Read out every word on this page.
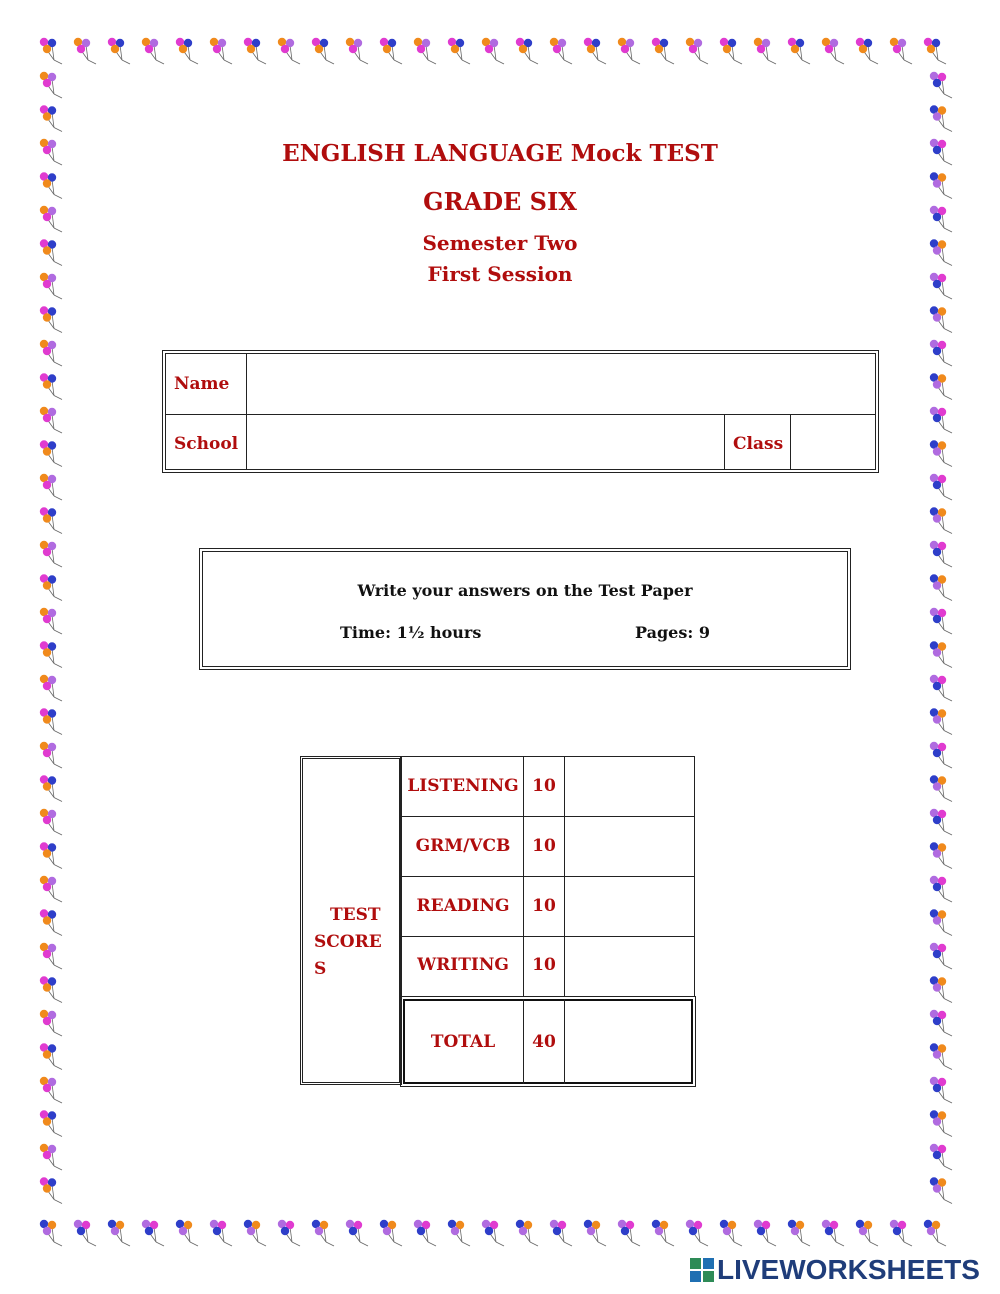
ENGLISH LANGUAGE Mock TEST
GRADE SIX
Semester Two
First Session
Name
School	Class
Write your answers on the Test Paper
Time: 1½ hours	Pages: 9
TEST
SCORE
S
LISTENING 10
GRM/VCB	10
READING	10
WRITING	10
TOTAL	40
LIVEWORKSHEETS
